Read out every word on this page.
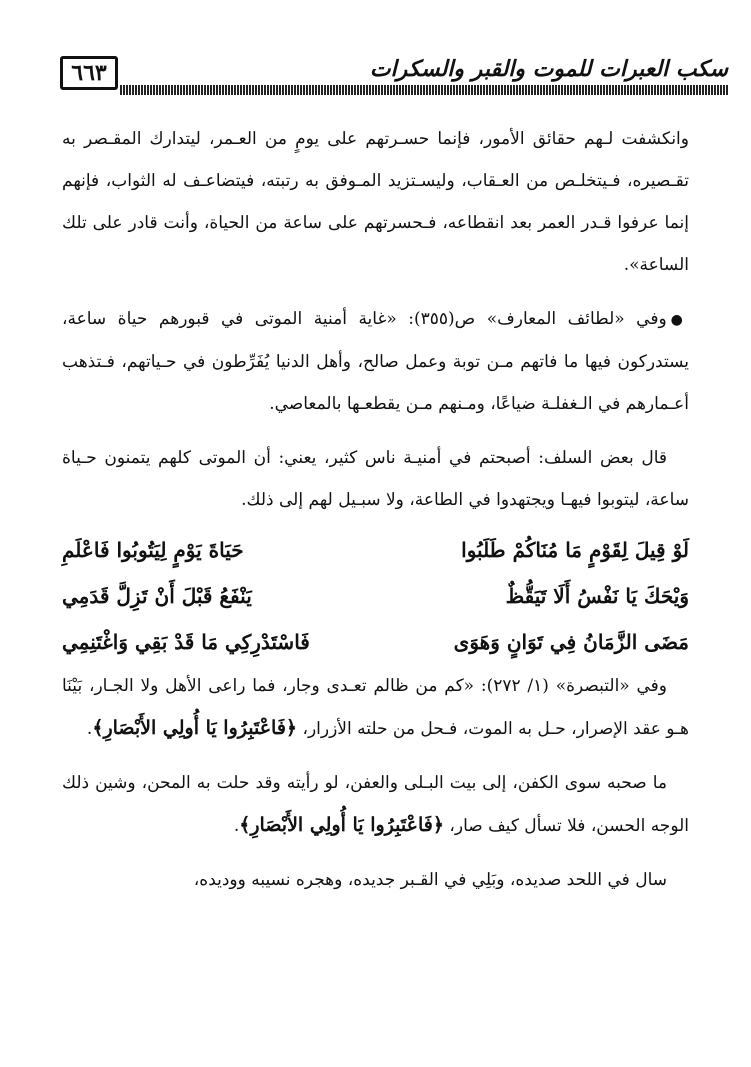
٦٦٣	سكب العبرات للموت والقبر والسكرات

وانكشفت لـهم حقائق الأمور، فإنما حسـرتهم على يومٍ من العـمر، ليتدارك المقـصر به تقـصيره، فـيتخلـص من العـقاب، وليسـتزيد المـوفق به رتبته، فيتضاعـف له الثواب، فإنهم إنما عرفوا قـدر العمر بعد انقطاعه، فـحسرتهم على ساعة من الحياة، وأنت قادر على تلك الساعة».

●وفي «لطائف المعارف» ص(٣٥٥): «غاية أمنية الموتى في قبورهم حياة ساعة، يستدركون فيها ما فاتهم مـن توبة وعمل صالح، وأهل الدنيا يُفَرِّطون في حـياتهم، فـتذهب أعـمارهم في الـغفلـة ضياعًا، ومـنهم مـن يقطعـها بالمعاصي.

قال بعض السلف: أصبحتم في أمنيـة ناس كثير، يعني: أن الموتى كلهم يتمنون حـياة ساعة، ليتوبوا فيهـا ويجتهدوا في الطاعة، ولا سبـيل لهم إلى ذلك.

لَوْ قِيلَ لِقَوْمٍ مَا مُنَاكُمْ طَلَبُوا
حَيَاةَ يَوْمٍ لِيَتُوبُوا فَاعْلَمِ
وَيْحَكَ يَا نَفْسُ أَلَا تَيَقُّظٌ
يَنْفَعُ قَبْلَ أَنْ تَزِلَّ قَدَمِي
مَضَى الزَّمَانُ فِي تَوَانٍ وَهَوَى
فَاسْتَدْرِكِي مَا قَدْ بَقِي وَاغْتَنِمِي

وفي «التبصرة» (١/ ٢٧٢): «كم من ظالم تعـدى وجار، فما راعى الأهل ولا الجـار، بَيْنَا هـو عقد الإصرار، حـل به الموت، فـحل من حلته الأزرار، ﴿فَاعْتَبِرُوا يَا أُولِي الأَبْصَارِ﴾.

ما صحبه سوى الكفن، إلى بيت البـلى والعفن، لو رأيته وقد حلت به المحن، وشين ذلك الوجه الحسن، فلا تسأل كيف صار، ﴿فَاعْتَبِرُوا يَا أُولِي الأَبْصَارِ﴾.

سال في اللحد صديده، وبَلِي في القـبر جديده، وهجره نسيبه ووديده،
